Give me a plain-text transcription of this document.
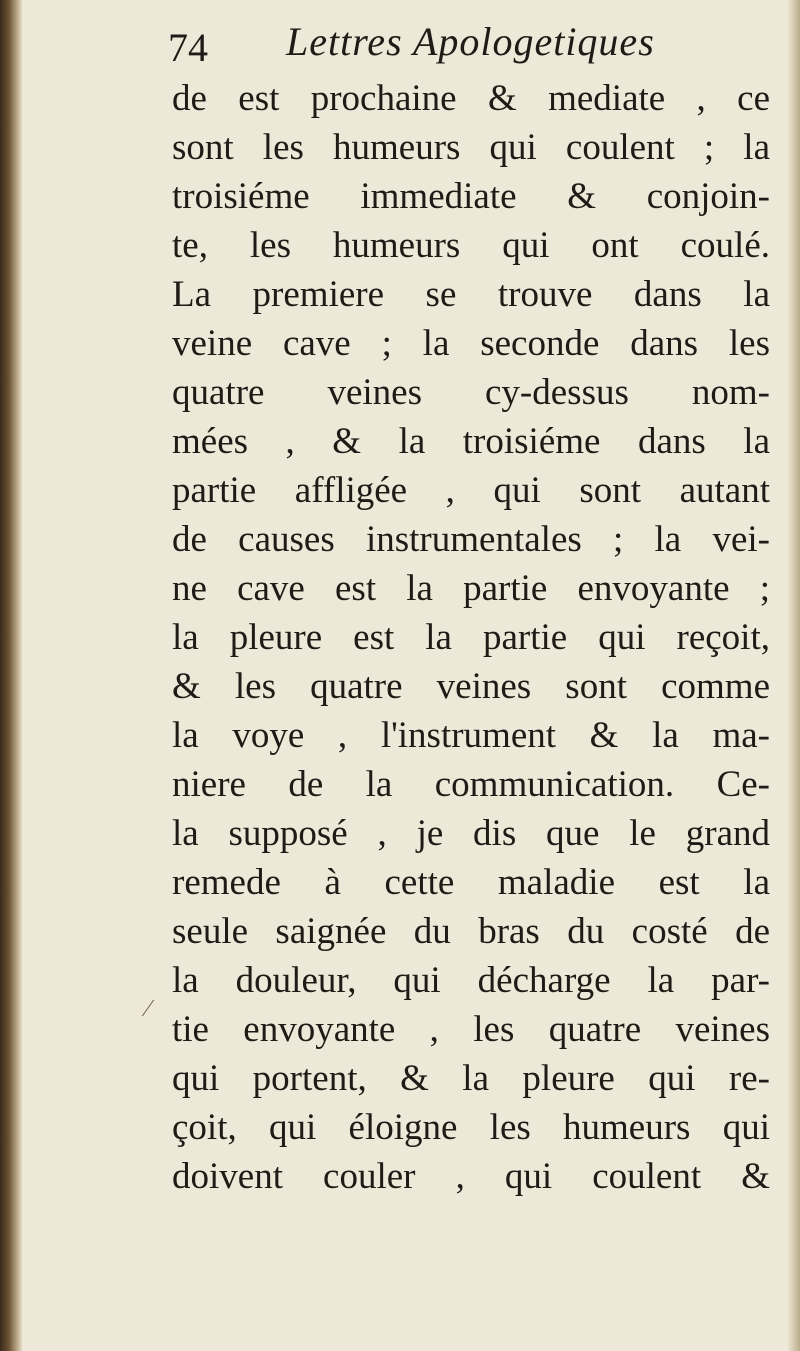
74 Lettres Apologetiques
⁄
de est prochaine & mediate , ce
sont les humeurs qui coulent ; la
troisiéme immediate & conjoin-
te, les humeurs qui ont coulé.
La premiere se trouve dans la
veine cave ; la seconde dans les
quatre veines cy-dessus nom-
mées , & la troisiéme dans la
partie affligée , qui sont autant
de causes instrumentales ; la vei-
ne cave est la partie envoyante ;
la pleure est la partie qui reçoit,
& les quatre veines sont comme
la voye , l'instrument & la ma-
niere de la communication. Ce-
la supposé , je dis que le grand
remede à cette maladie est la
seule saignée du bras du costé de
la douleur, qui décharge la par-
tie envoyante , les quatre veines
qui portent, & la pleure qui re-
çoit, qui éloigne les humeurs qui
doivent couler , qui coulent &
